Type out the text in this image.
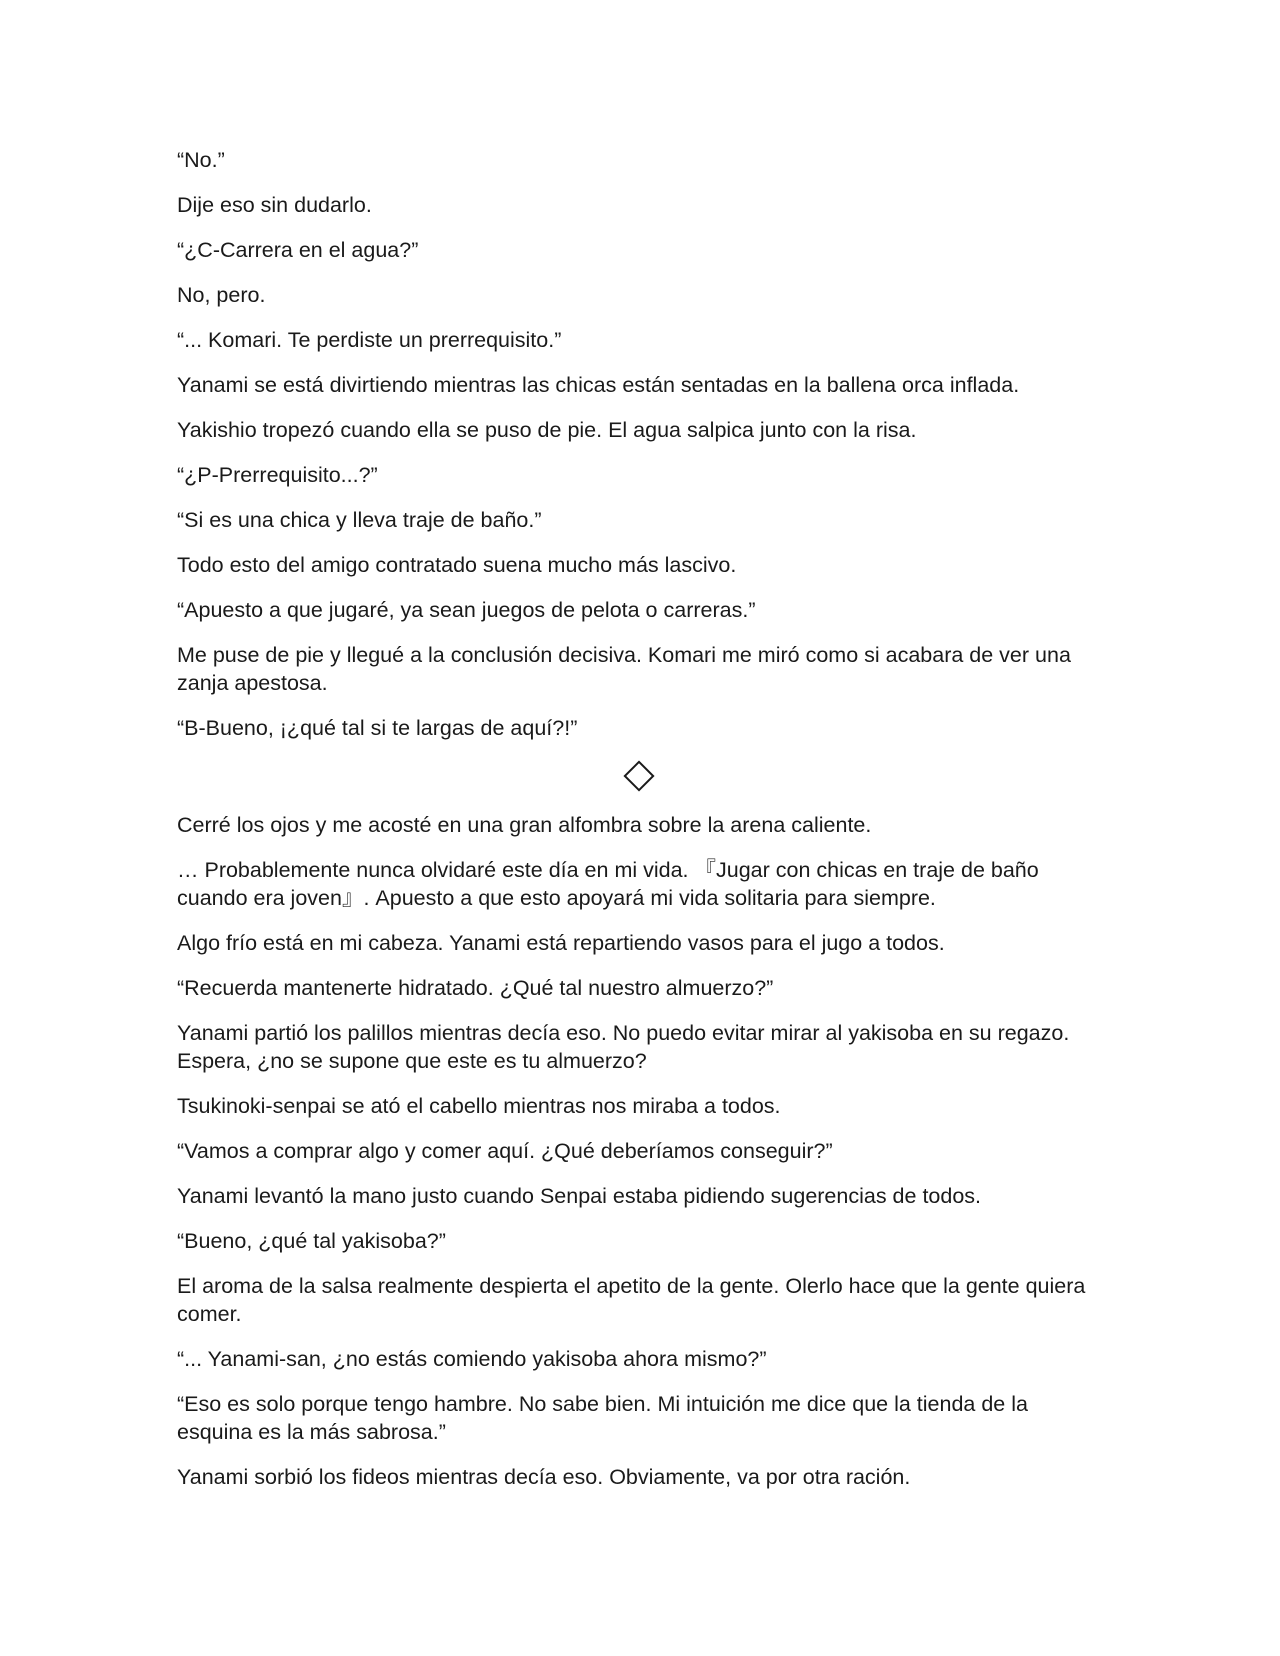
“No.”

Dije eso sin dudarlo.

“¿C-Carrera en el agua?”

No, pero.

“... Komari. Te perdiste un prerrequisito.”

Yanami se está divirtiendo mientras las chicas están sentadas en la ballena orca inflada.

Yakishio tropezó cuando ella se puso de pie. El agua salpica junto con la risa.

“¿P-Prerrequisito...?”

“Si es una chica y lleva traje de baño.”

Todo esto del amigo contratado suena mucho más lascivo.

“Apuesto a que jugaré, ya sean juegos de pelota o carreras.”

Me puse de pie y llegué a la conclusión decisiva. Komari me miró como si acabara de ver una zanja apestosa.

“B-Bueno, ¡¿qué tal si te largas de aquí?!”

Cerré los ojos y me acosté en una gran alfombra sobre la arena caliente.

… Probablemente nunca olvidaré este día en mi vida. 『Jugar con chicas en traje de baño cuando era joven』. Apuesto a que esto apoyará mi vida solitaria para siempre.

Algo frío está en mi cabeza. Yanami está repartiendo vasos para el jugo a todos.

“Recuerda mantenerte hidratado. ¿Qué tal nuestro almuerzo?”

Yanami partió los palillos mientras decía eso. No puedo evitar mirar al yakisoba en su regazo. Espera, ¿no se supone que este es tu almuerzo?

Tsukinoki-senpai se ató el cabello mientras nos miraba a todos.

“Vamos a comprar algo y comer aquí. ¿Qué deberíamos conseguir?”

Yanami levantó la mano justo cuando Senpai estaba pidiendo sugerencias de todos.

“Bueno, ¿qué tal yakisoba?”

El aroma de la salsa realmente despierta el apetito de la gente. Olerlo hace que la gente quiera comer.

“... Yanami-san, ¿no estás comiendo yakisoba ahora mismo?”

“Eso es solo porque tengo hambre. No sabe bien. Mi intuición me dice que la tienda de la esquina es la más sabrosa.”

Yanami sorbió los fideos mientras decía eso. Obviamente, va por otra ración.
